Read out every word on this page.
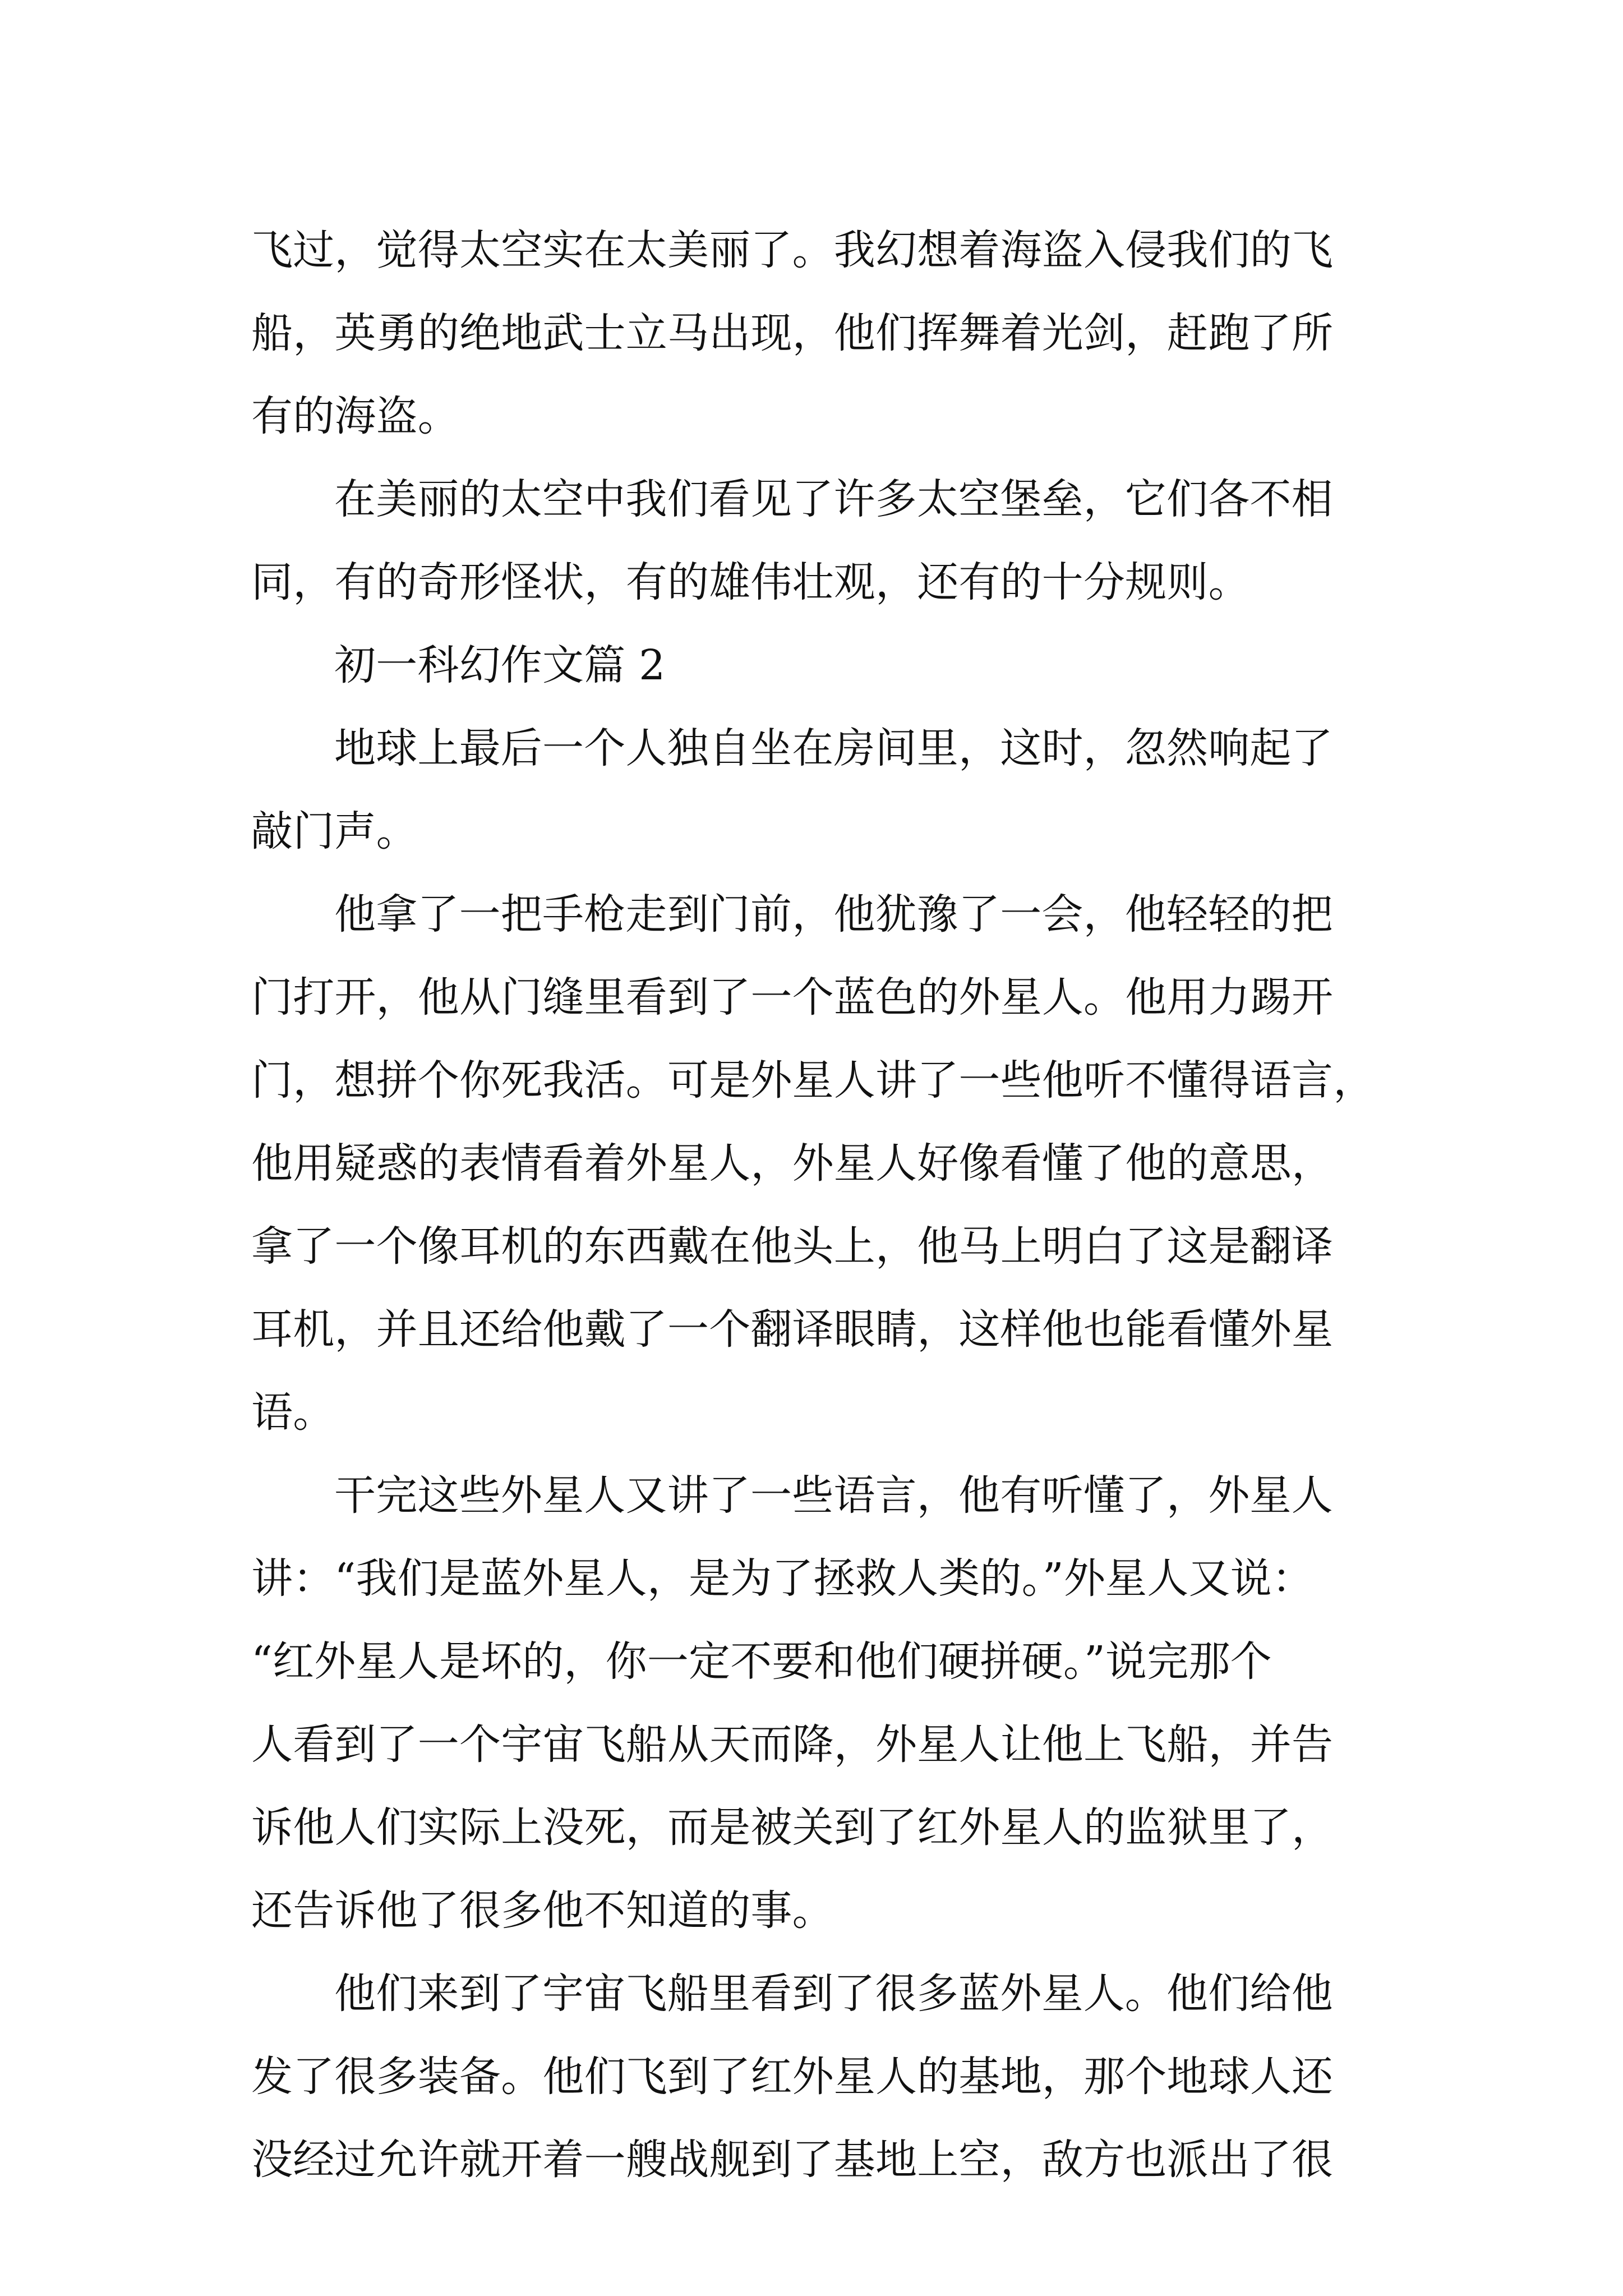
飞过，觉得太空实在太美丽了。我幻想着海盗入侵我们的飞
船，英勇的绝地武士立马出现，他们挥舞着光剑，赶跑了所
有的海盗。
在美丽的太空中我们看见了许多太空堡垒，它们各不相
同，有的奇形怪状，有的雄伟壮观，还有的十分规则。
初一科幻作文篇 2
地球上最后一个人独自坐在房间里，这时，忽然响起了
敲门声。
他拿了一把手枪走到门前，他犹豫了一会，他轻轻的把
门打开，他从门缝里看到了一个蓝色的外星人。他用力踢开
门，想拼个你死我活。可是外星人讲了一些他听不懂得语言，
他用疑惑的表情看着外星人，外星人好像看懂了他的意思，
拿了一个像耳机的东西戴在他头上，他马上明白了这是翻译
耳机，并且还给他戴了一个翻译眼睛，这样他也能看懂外星
语。
干完这些外星人又讲了一些语言，他有听懂了，外星人
讲：“我们是蓝外星人，是为了拯救人类的。”外星人又说：
“红外星人是坏的，你一定不要和他们硬拼硬。”说完那个
人看到了一个宇宙飞船从天而降，外星人让他上飞船，并告
诉他人们实际上没死，而是被关到了红外星人的监狱里了，
还告诉他了很多他不知道的事。
他们来到了宇宙飞船里看到了很多蓝外星人。他们给他
发了很多装备。他们飞到了红外星人的基地，那个地球人还
没经过允许就开着一艘战舰到了基地上空，敌方也派出了很
